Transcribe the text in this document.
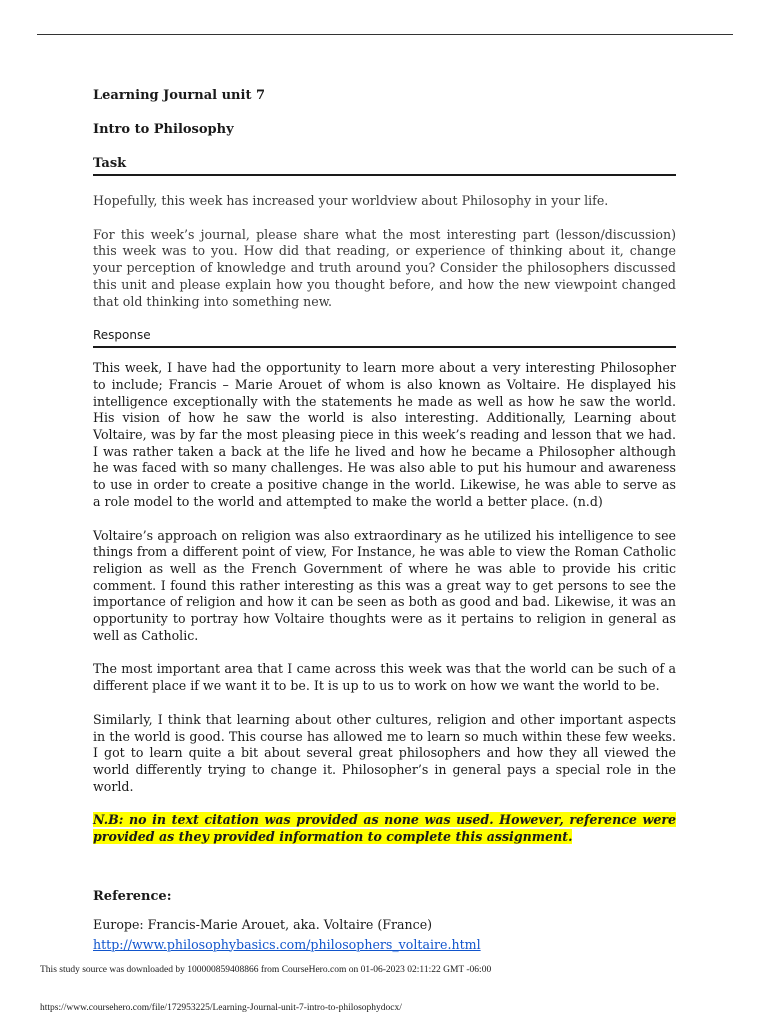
Learning Journal unit 7
Intro to Philosophy
Task

Hopefully, this week has increased your worldview about Philosophy in your life.

For this week’s journal, please share what the most interesting part (lesson/discussion) this week was to you. How did that reading, or experience of thinking about it, change your perception of knowledge and truth around you? Consider the philosophers discussed this unit and please explain how you thought before, and how the new viewpoint changed that old thinking into something new.

Response

This week, I have had the opportunity to learn more about a very interesting Philosopher to include; Francis – Marie Arouet of whom is also known as Voltaire. He displayed his intelligence exceptionally with the statements he made as well as how he saw the world. His vision of how he saw the world is also interesting. Additionally, Learning about Voltaire, was by far the most pleasing piece in this week’s reading and lesson that we had. I was rather taken a back at the life he lived and how he became a Philosopher although he was faced with so many challenges. He was also able to put his humour and awareness to use in order to create a positive change in the world. Likewise, he was able to serve as a role model to the world and attempted to make the world a better place. (n.d)

Voltaire’s approach on religion was also extraordinary as he utilized his intelligence to see things from a different point of view, For Instance, he was able to view the Roman Catholic religion as well as the French Government of where he was able to provide his critic comment. I found this rather interesting as this was a great way to get persons to see the importance of religion and how it can be seen as both as good and bad. Likewise, it was an opportunity to portray how Voltaire thoughts were as it pertains to religion in general as well as Catholic.

The most important area that I came across this week was that the world can be such of a different place if we want it to be. It is up to us to work on how we want the world to be.

Similarly, I think that learning about other cultures, religion and other important aspects in the world is good. This course has allowed me to learn so much within these few weeks. I got to learn quite a bit about several great philosophers and how they all viewed the world differently trying to change it. Philosopher’s in general pays a special role in the world.

N.B: no in text citation was provided as none was used. However, reference were provided as they provided information to complete this assignment.

Reference:

Europe: Francis-Marie Arouet, aka. Voltaire (France)

http://www.philosophybasics.com/philosophers_voltaire.html
This study source was downloaded by 100000859408866 from CourseHero.com on 01-06-2023 02:11:22 GMT -06:00
https://www.coursehero.com/file/172953225/Learning-Journal-unit-7-intro-to-philosophydocx/
